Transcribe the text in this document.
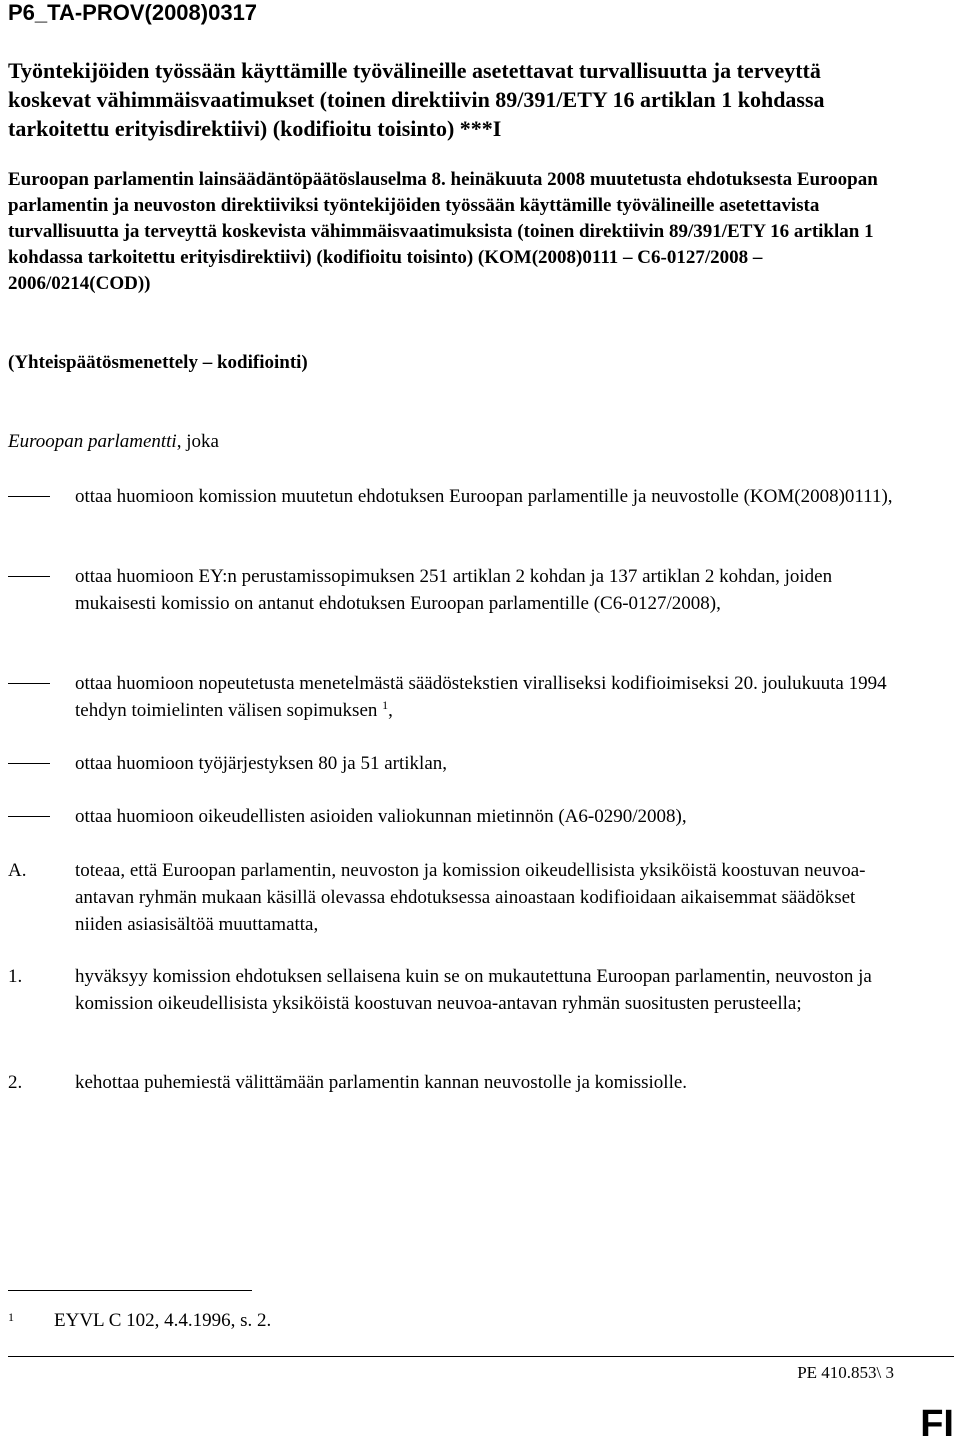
P6_TA-PROV(2008)0317
Työntekijöiden työssään käyttämille työvälineille asetettavat turvallisuutta ja terveyttä koskevat vähimmäisvaatimukset (toinen direktiivin 89/391/ETY 16 artiklan 1 kohdassa tarkoitettu erityisdirektiivi) (kodifioitu toisinto) ***I

Euroopan parlamentin lainsäädäntöpäätöslauselma 8. heinäkuuta 2008 muutetusta ehdotuksesta Euroopan parlamentin ja neuvoston direktiiviksi työntekijöiden työssään käyttämille työvälineille asetettavista turvallisuutta ja terveyttä koskevista vähimmäisvaatimuksista (toinen direktiivin 89/391/ETY 16 artiklan 1 kohdassa tarkoitettu erityisdirektiivi) (kodifioitu toisinto) (KOM(2008)0111 – C6-0127/2008 – 2006/0214(COD))

(Yhteispäätösmenettely – kodifiointi)
Euroopan parlamentti, joka
ottaa huomioon komission muutetun ehdotuksen Euroopan parlamentille ja neuvostolle (KOM(2008)0111),
ottaa huomioon EY:n perustamissopimuksen 251 artiklan 2 kohdan ja 137 artiklan 2 kohdan, joiden mukaisesti komissio on antanut ehdotuksen Euroopan parlamentille (C6-0127/2008),
ottaa huomioon nopeutetusta menetelmästä säädöstekstien viralliseksi kodifioimiseksi 20. joulukuuta 1994 tehdyn toimielinten välisen sopimuksen $^1$,
ottaa huomioon työjärjestyksen 80 ja 51 artiklan,
ottaa huomioon oikeudellisten asioiden valiokunnan mietinnön (A6-0290/2008),
A.	toteaa, että Euroopan parlamentin, neuvoston ja komission oikeudellisista yksiköistä koostuvan neuvoa-antavan ryhmän mukaan käsillä olevassa ehdotuksessa ainoastaan kodifioidaan aikaisemmat säädökset niiden asiasisältöä muuttamatta,
1.	hyväksyy komission ehdotuksen sellaisena kuin se on mukautettuna Euroopan parlamentin, neuvoston ja komission oikeudellisista yksiköistä koostuvan neuvoa-antavan ryhmän suositusten perusteella;
2.	kehottaa puhemiestä välittämään parlamentin kannan neuvostolle ja komissiolle.
1 EYVL C 102, 4.4.1996, s. 2.
PE 410.853\ 3
FI
